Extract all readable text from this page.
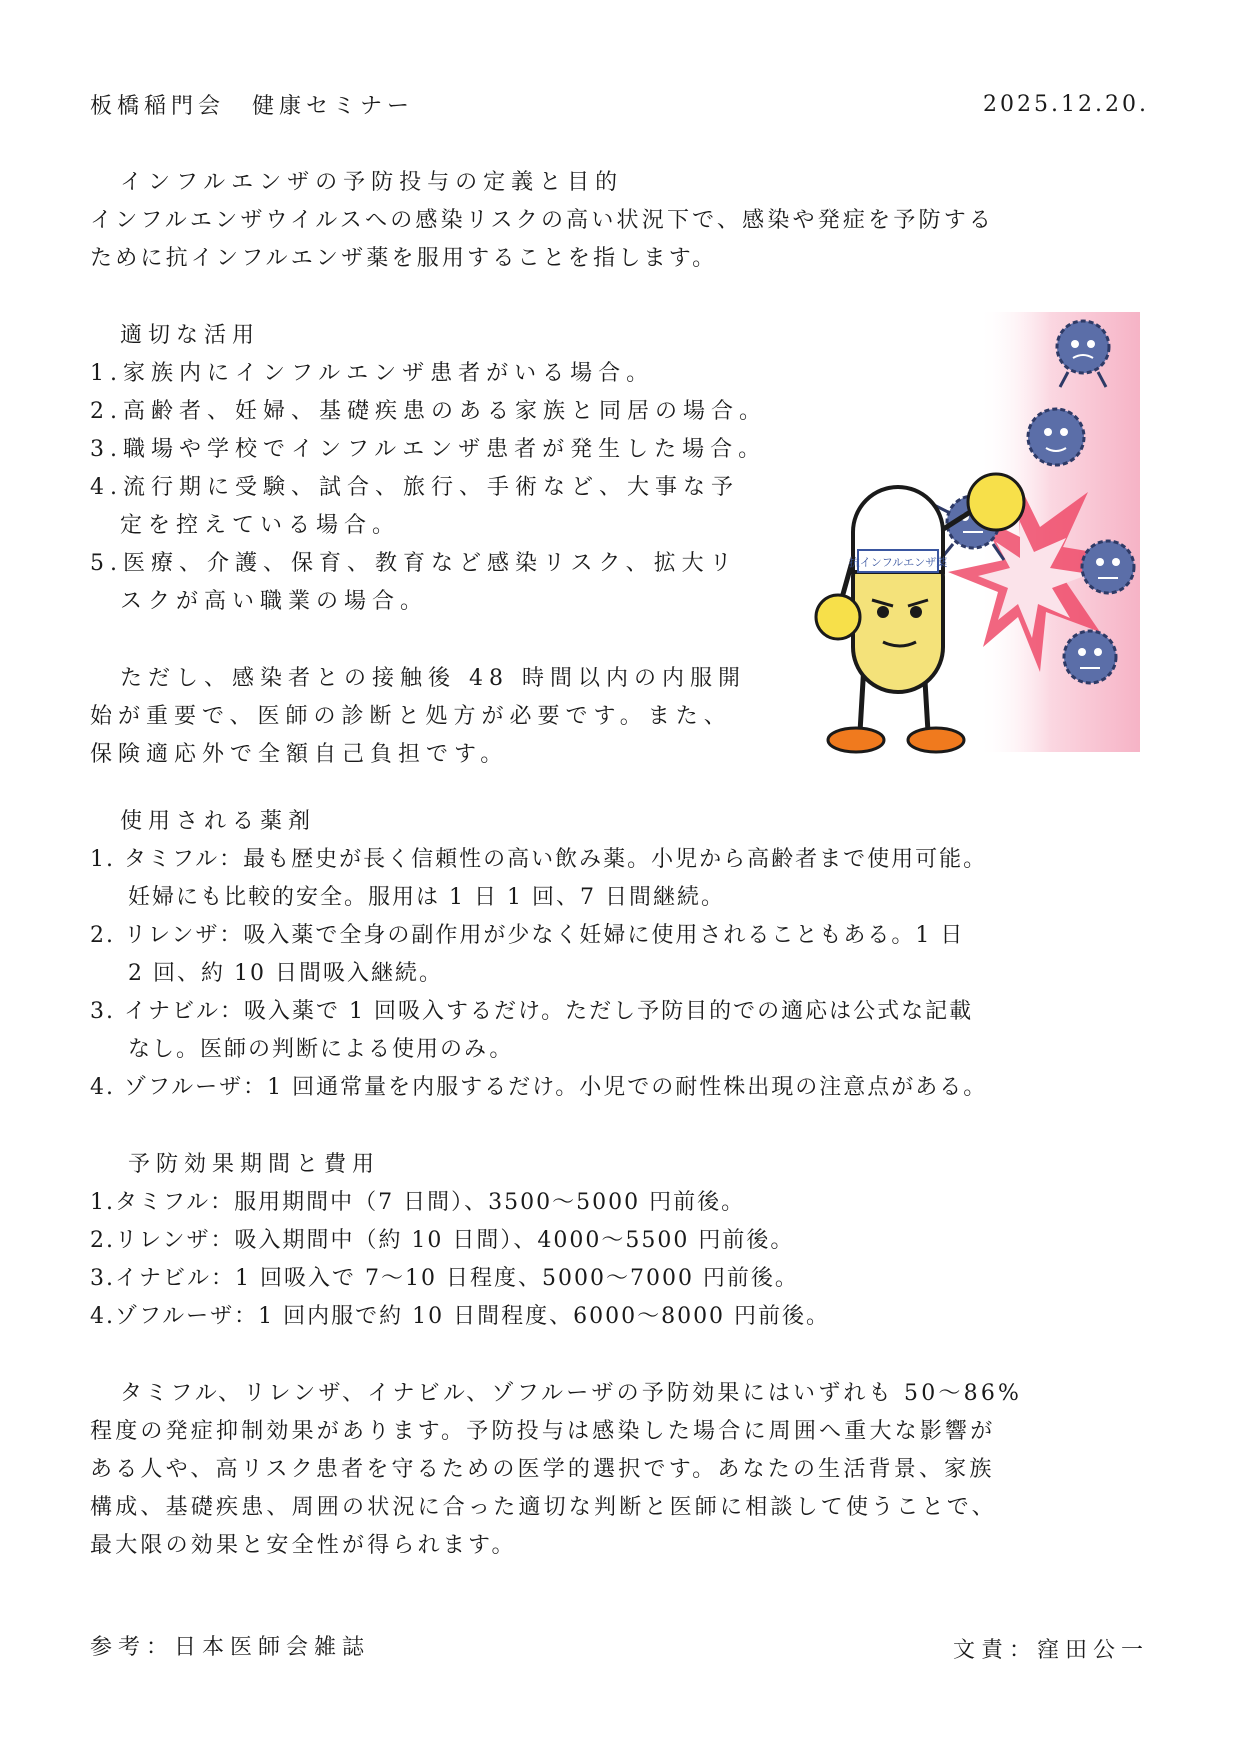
板橋稲門会　健康セミナー	2025.12.20.
インフルエンザの予防投与の定義と目的
インフルエンザウイルスへの感染リスクの高い状況下で、感染や発症を予防する
ために抗インフルエンザ薬を服用することを指します。
適切な活用
1.家族内にインフルエンザ患者がいる場合。
2.高齢者、妊婦、基礎疾患のある家族と同居の場合。
3.職場や学校でインフルエンザ患者が発生した場合。
4.流行期に受験、試合、旅行、手術など、大事な予
定を控えている場合。
5.医療、介護、保育、教育など感染リスク、拡大リ
スクが高い職業の場合。
ただし、感染者との接触後 48 時間以内の内服開
始が重要で、医師の診断と処方が必要です。また、
保険適応外で全額自己負担です。
抗インフルエンザ薬
使用される薬剤
1. タミフル：最も歴史が長く信頼性の高い飲み薬。小児から高齢者まで使用可能。
妊婦にも比較的安全。服用は 1 日 1 回、7 日間継続。
2. リレンザ：吸入薬で全身の副作用が少なく妊婦に使用されることもある。1 日
2 回、約 10 日間吸入継続。
3. イナビル：吸入薬で 1 回吸入するだけ。ただし予防目的での適応は公式な記載
なし。医師の判断による使用のみ。
4. ゾフルーザ：1 回通常量を内服するだけ。小児での耐性株出現の注意点がある。
予防効果期間と費用
1.タミフル：服用期間中（7 日間）、3500～5000 円前後。
2.リレンザ：吸入期間中（約 10 日間）、4000～5500 円前後。
3.イナビル：1 回吸入で 7～10 日程度、5000～7000 円前後。
4.ゾフルーザ：1 回内服で約 10 日間程度、6000～8000 円前後。
タミフル、リレンザ、イナビル、ゾフルーザの予防効果にはいずれも 50～86%
程度の発症抑制効果があります。予防投与は感染した場合に周囲へ重大な影響が
ある人や、高リスク患者を守るための医学的選択です。あなたの生活背景、家族
構成、基礎疾患、周囲の状況に合った適切な判断と医師に相談して使うことで、
最大限の効果と安全性が得られます。
参考：日本医師会雑誌	文責：窪田公一
